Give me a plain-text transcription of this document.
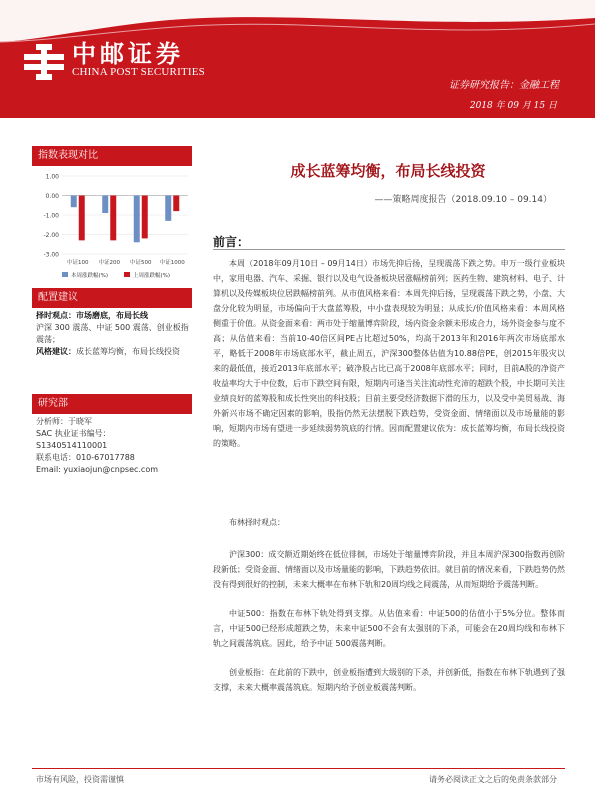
中邮证券
CHINA POST SECURITIES
证券研究报告：金融工程
2018 年 09 月 15 日
指数表现对比
1.00
0.00
-1.00
-2.00
-3.00
中证100 中证200 中证500 中证1000
本周涨跌幅(%)	上周涨跌幅(%)
配置建议
择时观点：市场磨底，布局长线
沪深 300 震荡、中证 500 震荡、创业板指震荡；
风格建议：成长蓝筹均衡，布局长线投资
研究部
分析师：于晓军
SAC 执业证书编号：
S1340514110001
联系电话：010-67017788
Email: yuxiaojun@cnpsec.com
成长蓝筹均衡，布局长线投资
——策略周度报告（2018.09.10 – 09.14）
前言：
本周（2018年09月10日 – 09月14日）市场先抑后扬，呈现震荡下跌之势。申万一级行业板块中，家用电器、汽车、采掘、银行以及电气设备板块居涨幅榜前列；医药生物、建筑材料、电子、计算机以及传媒板块位居跌幅榜前列。从市值风格来看：本周先抑后扬，呈现震荡下跌之势，小盘、大盘分化较为明显，市场偏向于大盘蓝筹股，中小盘表现较为明显；从成长/价值风格来看：本周风格侧重于价值。从资金面来看：两市处于缩量博弈阶段，场内资金余额未形成合力，场外资金参与度不高；从估值来看：当前10-40倍区间PE占比超过50%，均高于2013年和2016年两次市场底部水平，略低于2008年市场底部水平，截止周五，沪深300整体估值为10.88倍PE，创2015年股灾以来的最低值，接近2013年底部水平；破净股占比已高于2008年底部水平；同时，目前A股的净资产收益率均大于中位数，后市下跌空间有限，短期内可逢当关注流动性充沛的超跌个股，中长期可关注业绩良好的蓝筹股和成长性突出的科技股；目前主要受经济数据下滑的压力，以及受中美贸易战、海外新兴市场不确定因素的影响，股指仍然无法摆脱下跌趋势，受资金面、情绪面以及市场量能的影响，短期内市场有望进一步延续弱势筑底的行情。因而配置建议依为：成长蓝筹均衡，布局长线投资的策略。
布林择时观点：
沪深300：成交额近期始终在低位徘徊，市场处于缩量博弈阶段，并且本周沪深300指数再创阶段新低；受资金面、情绪面以及市场量能的影响，下跌趋势依旧。就目前的情况来看，下跌趋势仍然没有得到很好的控制，未来大概率在布林下轨和20周均线之间震荡，从而短期给予震荡判断。
中证500：指数在布林下轨处得到支撑。从估值来看：中证500的估值小于5%分位。整体而言，中证500已经形成超跌之势，未来中证500不会有太强别的下杀，可能会在20周均线和布林下轨之间震荡筑底。因此，给予中证 500震荡判断。
创业板指：在此前的下跌中，创业板指遭到大级别的下杀，并创新低，指数在布林下轨遇到了强支撑，未来大概率震荡筑底。短期内给予创业板震荡判断。
市场有风险，投资需谨慎	请务必阅读正文之后的免责条款部分
